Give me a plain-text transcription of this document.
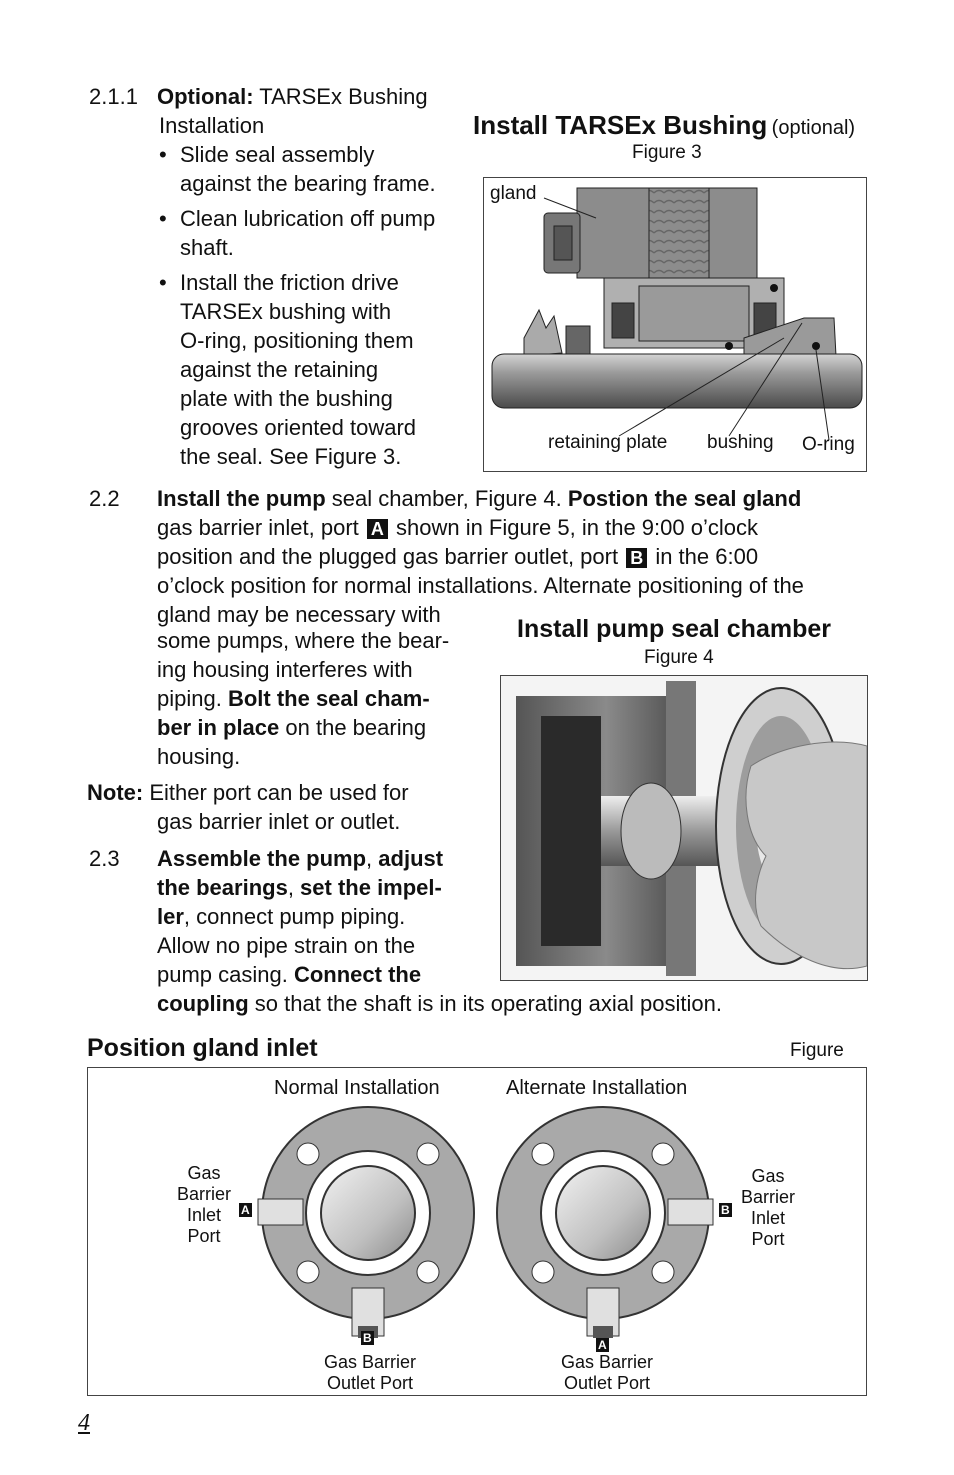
2.1.1 Optional: TARSEx Bushing
Installation
• Slide seal assembly
against the bearing frame.
• Clean lubrication off pump
shaft.
• Install the friction drive
TARSEx bushing with
O-ring, positioning them
against the retaining
plate with the bushing
grooves oriented toward
the seal. See Figure 3.
Install TARSEx Bushing (optional)
Figure 3
gland
retaining plate bushing O-ring
2.2 Install the pump seal chamber, Figure 4. Postion the seal gland
gas barrier inlet, port A shown in Figure 5, in the 9:00 o’clock
position and the plugged gas barrier outlet, port B in the 6:00
o’clock position for normal installations. Alternate positioning of the
gland may be necessary with
some pumps, where the bear-
ing housing interferes with
piping. Bolt the seal cham-
ber in place on the bearing
housing.
Note: Either port can be used for
gas barrier inlet or outlet.
2.3 Assemble the pump, adjust
the bearings, set the impel-
ler, connect pump piping.
Allow no pipe strain on the
pump casing. Connect the
coupling so that the shaft is in its operating axial position.
Install pump seal chamber
Figure 4
Position gland inlet	Figure
Normal Installation	Alternate Installation
Gas
Barrier
Inlet
Port
Gas
Barrier
Inlet
Port
A
B
B
A
Gas Barrier
Outlet Port
Gas Barrier
Outlet Port
4
